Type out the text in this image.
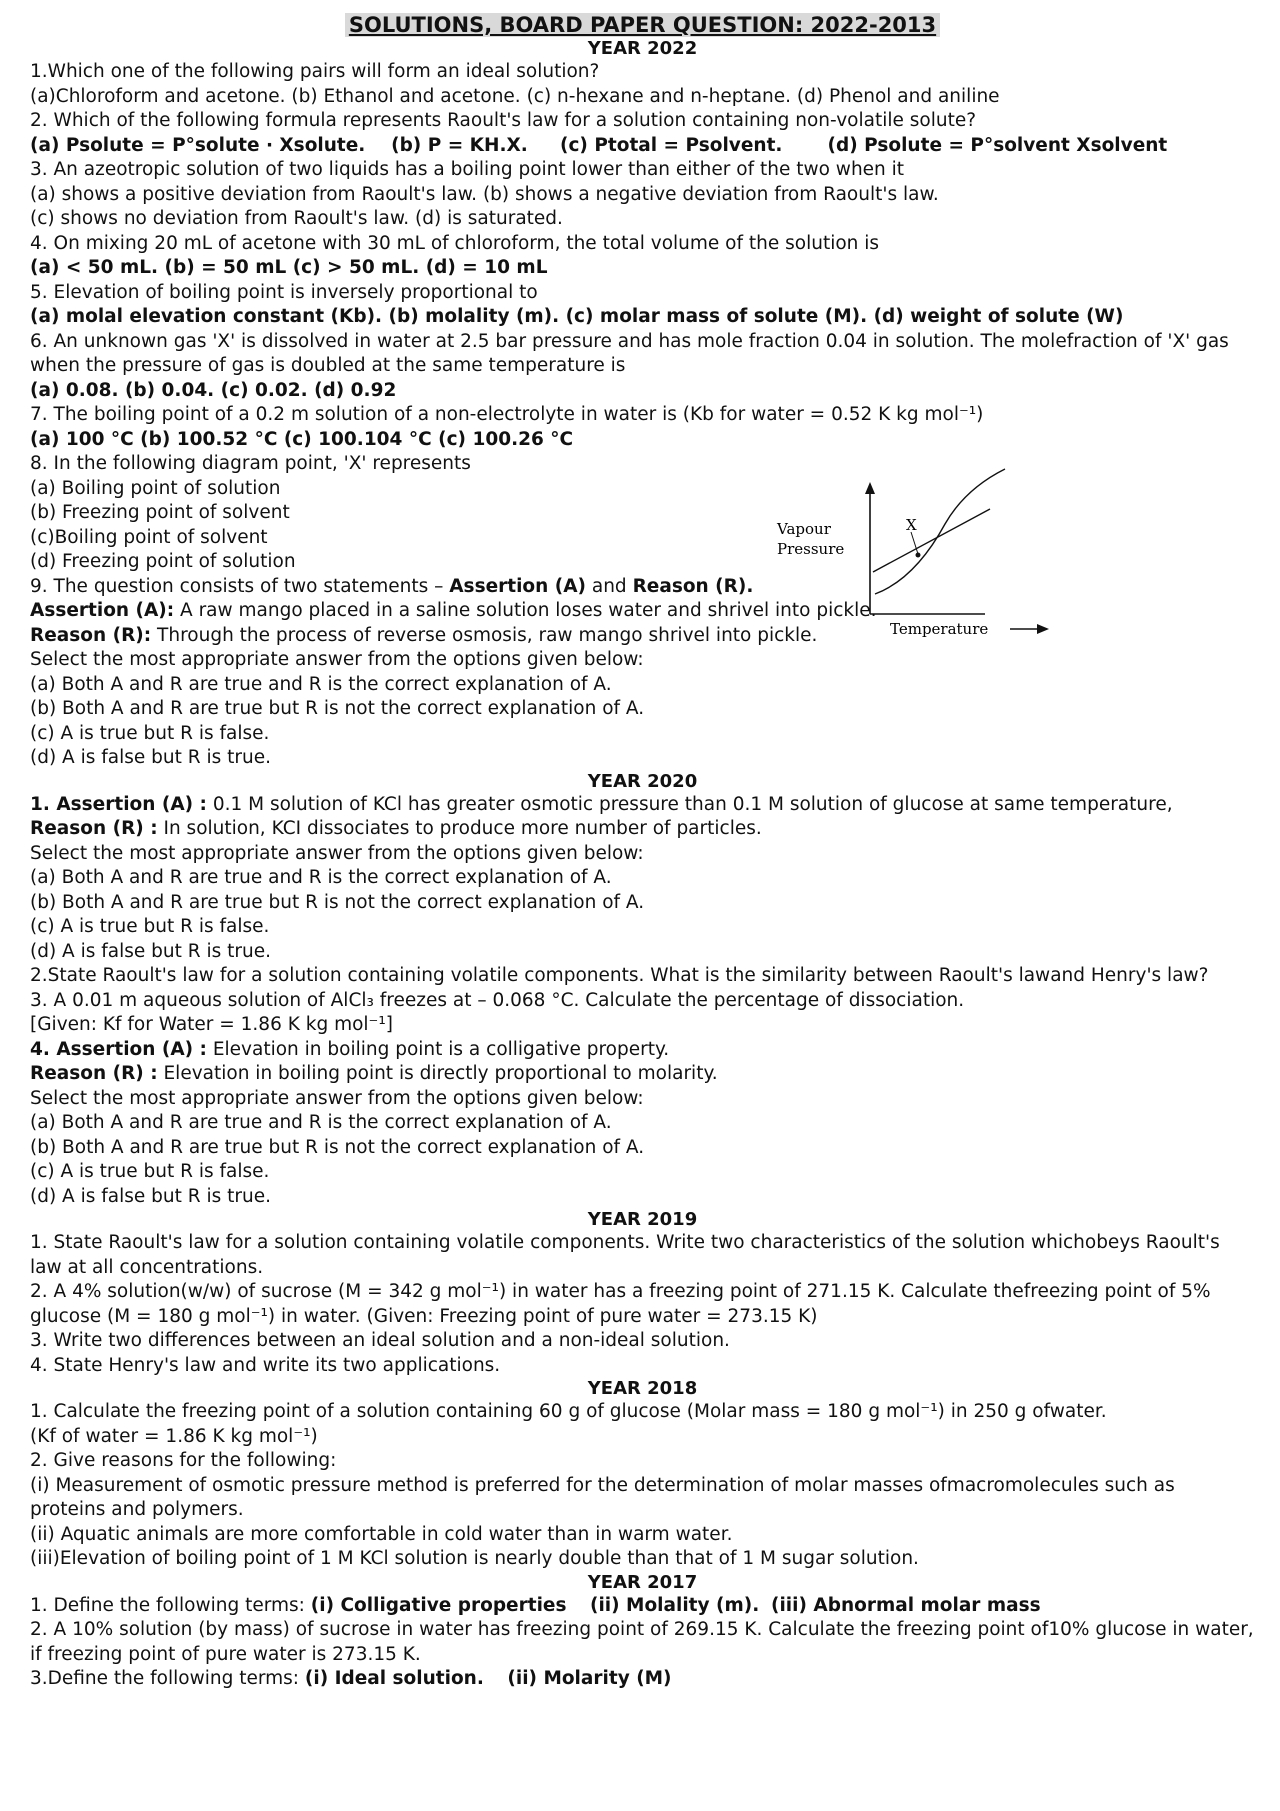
SOLUTIONS, BOARD PAPER QUESTION: 2022-2013
YEAR 2022
1.Which one of the following pairs will form an ideal solution?
(a)Chloroform and acetone. (b) Ethanol and acetone. (c) n-hexane and n-heptane. (d) Phenol and aniline
2. Which of the following formula represents Raoult's law for a solution containing non-volatile solute?
(a) Psolute = P°solute · Xsolute. (b) P = KH.X. (c) Ptotal = Psolvent. (d) Psolute = P°solvent Xsolvent
3. An azeotropic solution of two liquids has a boiling point lower than either of the two when it
(a) shows a positive deviation from Raoult's law. (b) shows a negative deviation from Raoult's law.
(c) shows no deviation from Raoult's law. (d) is saturated.
4. On mixing 20 mL of acetone with 30 mL of chloroform, the total volume of the solution is
(a) < 50 mL. (b) = 50 mL (c) > 50 mL. (d) = 10 mL
5. Elevation of boiling point is inversely proportional to
(a) molal elevation constant (Kb). (b) molality (m). (c) molar mass of solute (M). (d) weight of solute (W)
6. An unknown gas 'X' is dissolved in water at 2.5 bar pressure and has mole fraction 0.04 in solution. The molefraction of 'X' gas
when the pressure of gas is doubled at the same temperature is
(a) 0.08. (b) 0.04. (c) 0.02. (d) 0.92
7. The boiling point of a 0.2 m solution of a non-electrolyte in water is (Kb for water = 0.52 K kg mol⁻¹)
(a) 100 °C (b) 100.52 °C (c) 100.104 °C (c) 100.26 °C
8. In the following diagram point, 'X' represents
(a) Boiling point of solution
(b) Freezing point of solvent
(c)Boiling point of solvent
(d) Freezing point of solution
9. The question consists of two statements – Assertion (A) and Reason (R).
Assertion (A): A raw mango placed in a saline solution loses water and shrivel into pickle.
Reason (R): Through the process of reverse osmosis, raw mango shrivel into pickle.
Select the most appropriate answer from the options given below:
(a) Both A and R are true and R is the correct explanation of A.
(b) Both A and R are true but R is not the correct explanation of A.
(c) A is true but R is false.
(d) A is false but R is true.
YEAR 2020
1. Assertion (A) : 0.1 M solution of KCl has greater osmotic pressure than 0.1 M solution of glucose at same temperature,
Reason (R) : In solution, KCI dissociates to produce more number of particles.
Select the most appropriate answer from the options given below:
(a) Both A and R are true and R is the correct explanation of A.
(b) Both A and R are true but R is not the correct explanation of A.
(c) A is true but R is false.
(d) A is false but R is true.
2.State Raoult's law for a solution containing volatile components. What is the similarity between Raoult's lawand Henry's law?
3. A 0.01 m aqueous solution of AlCl₃ freezes at – 0.068 °C. Calculate the percentage of dissociation.
[Given: Kf for Water = 1.86 K kg mol⁻¹]
4. Assertion (A) : Elevation in boiling point is a colligative property.
Reason (R) : Elevation in boiling point is directly proportional to molarity.
Select the most appropriate answer from the options given below:
(a) Both A and R are true and R is the correct explanation of A.
(b) Both A and R are true but R is not the correct explanation of A.
(c) A is true but R is false.
(d) A is false but R is true.
YEAR 2019
1. State Raoult's law for a solution containing volatile components. Write two characteristics of the solution whichobeys Raoult's
law at all concentrations.
2. A 4% solution(w/w) of sucrose (M = 342 g mol⁻¹) in water has a freezing point of 271.15 K. Calculate thefreezing point of 5%
glucose (M = 180 g mol⁻¹) in water. (Given: Freezing point of pure water = 273.15 K)
3. Write two differences between an ideal solution and a non-ideal solution.
4. State Henry's law and write its two applications.
YEAR 2018
1. Calculate the freezing point of a solution containing 60 g of glucose (Molar mass = 180 g mol⁻¹) in 250 g ofwater.
(Kf of water = 1.86 K kg mol⁻¹)
2. Give reasons for the following:
(i) Measurement of osmotic pressure method is preferred for the determination of molar masses ofmacromolecules such as
proteins and polymers.
(ii) Aquatic animals are more comfortable in cold water than in warm water.
(iii)Elevation of boiling point of 1 M KCl solution is nearly double than that of 1 M sugar solution.
YEAR 2017
1. Define the following terms: (i) Colligative properties (ii) Molality (m). (iii) Abnormal molar mass
2. A 10% solution (by mass) of sucrose in water has freezing point of 269.15 K. Calculate the freezing point of10% glucose in water,
if freezing point of pure water is 273.15 K.
3.Define the following terms: (i) Ideal solution. (ii) Molarity (M)
X
Vapour
Pressure
Temperature
